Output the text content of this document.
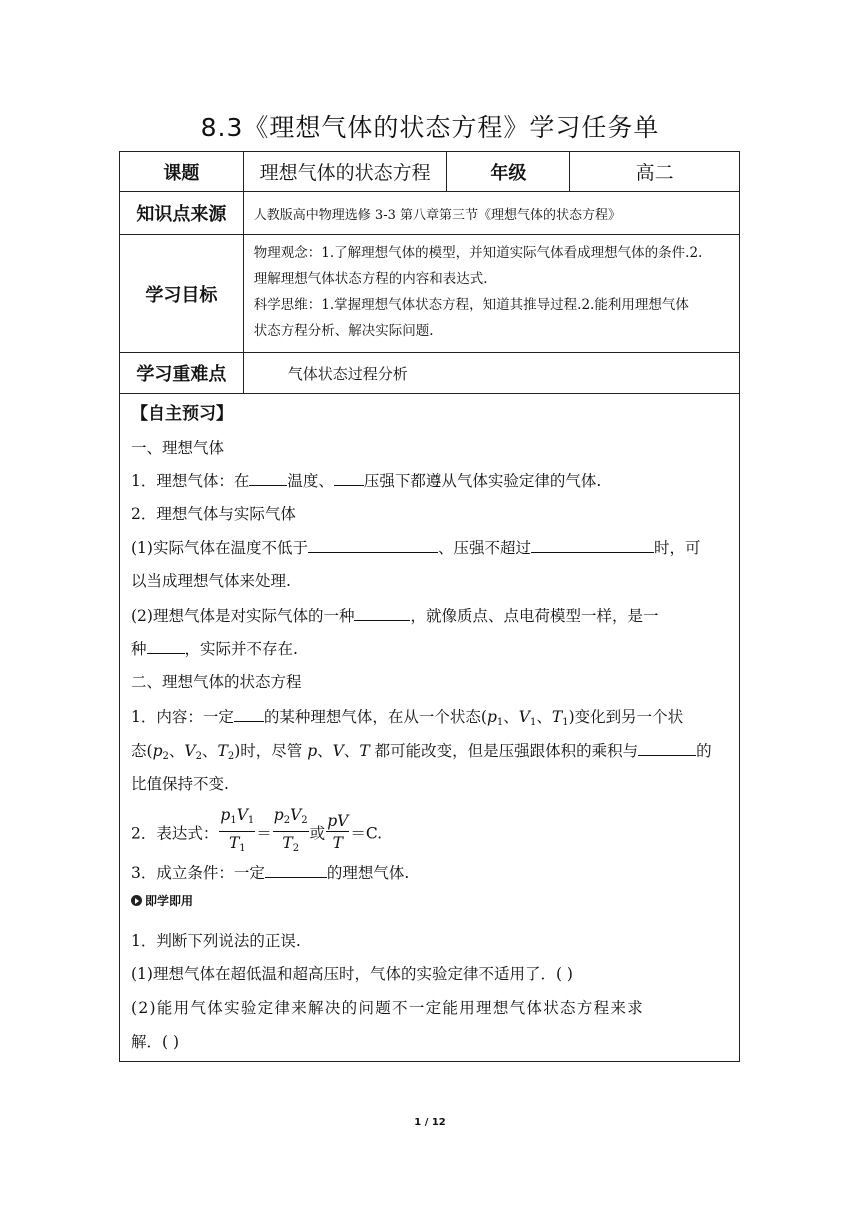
8.3《理想气体的状态方程》学习任务单
课题	理想气体的状态方程	年级	高二
知识点来源	人教版高中物理选修 3-3 第八章第三节《理想气体的状态方程》		
学习目标	物理观念：1.了解理想气体的模型，并知道实际气体看成理想气体的条件.2.
理解理想气体状态方程的内容和表达式.
科学思维：1.掌握理想气体状态方程，知道其推导过程.2.能利用理想气体
状态方程分析、解决实际问题.		

学习重难点	气体状态过程分析		
【自主预习】
一、理想气体
1．理想气体：在 温度、 压强下都遵从气体实验定律的气体.
2．理想气体与实际气体
(1)实际气体在温度不低于	、压强不超过	时，可
以当成理想气体来处理.
(2)理想气体是对实际气体的一种	，就像质点、点电荷模型一样，是一
种 ，实际并不存在.
二、理想气体的状态方程
1．内容：一定 的某种理想气体，在从一个状态($p_1$、$V_1$、$T_1$)变化到另一个状
态($p_2$、$V_2$、$T_2$)时，尽管 p、V、T 都可能改变，但是压强跟体积的乘积与	的
比值保持不变.
2．表达式： $\frac{p_1V_1}{T_1} = \frac{p_2V_2}{T_2}$ 或 $\frac{pV}{T} =C$.
3．成立条件：一定	的理想气体.
即学即用
1．判断下列说法的正误.
(1)理想气体在超低温和超高压时，气体的实验定律不适用了．( )
(2)能用气体实验定律来解决的问题不一定能用理想气体状态方程来求
解．( )
1 / 12
